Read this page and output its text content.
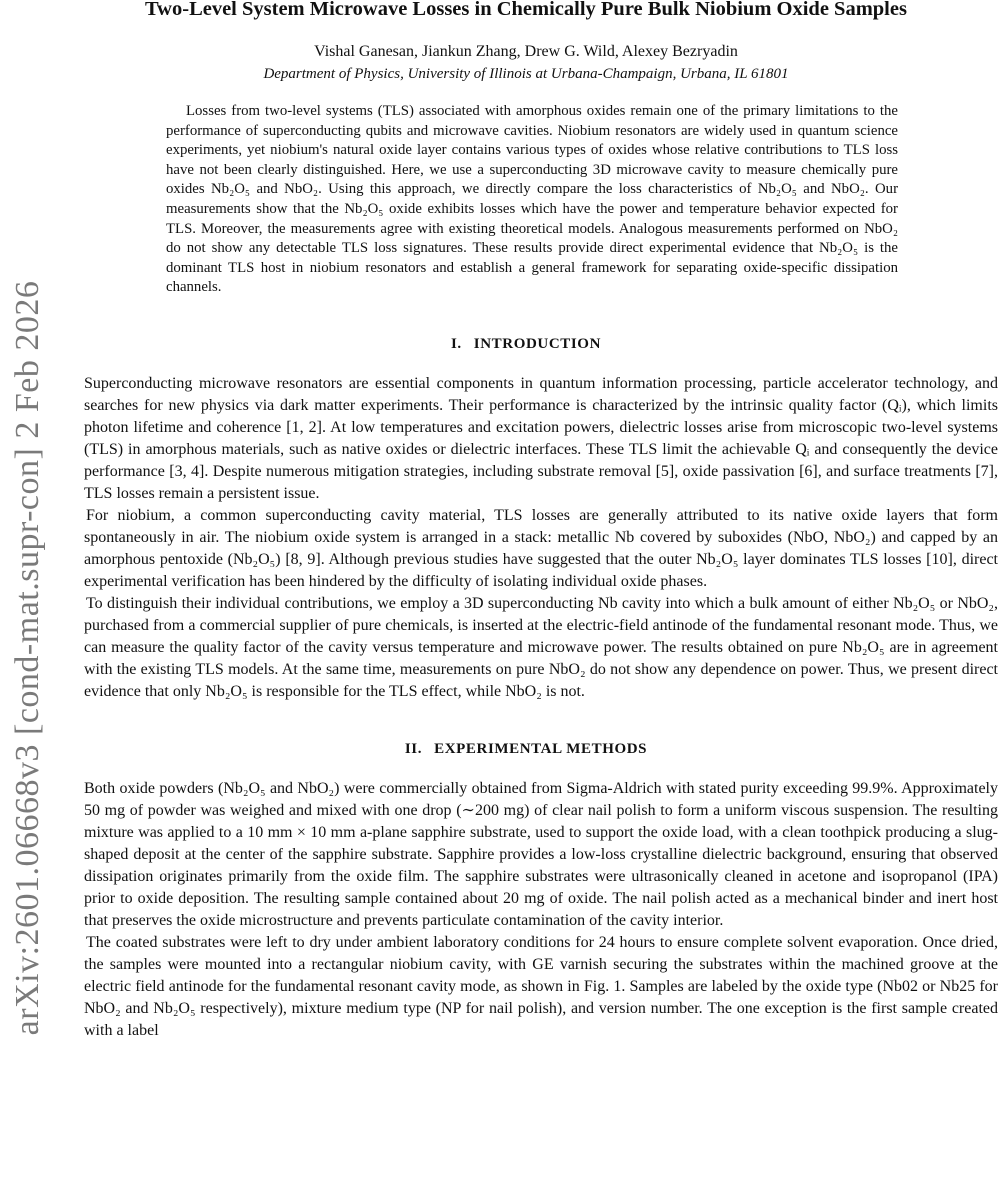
arXiv:2601.06668v3 [cond-mat.supr-con] 2 Feb 2026
Two-Level System Microwave Losses in Chemically Pure Bulk Niobium Oxide Samples
Vishal Ganesan, Jiankun Zhang, Drew G. Wild, Alexey Bezryadin
Department of Physics, University of Illinois at Urbana-Champaign, Urbana, IL 61801

Losses from two-level systems (TLS) associated with amorphous oxides remain one of the primary limitations to the performance of superconducting qubits and microwave cavities. Niobium resonators are widely used in quantum science experiments, yet niobium's natural oxide layer contains various types of oxides whose relative contributions to TLS loss have not been clearly distinguished. Here, we use a superconducting 3D microwave cavity to measure chemically pure oxides Nb₂O₅ and NbO₂. Using this approach, we directly compare the loss characteristics of Nb₂O₅ and NbO₂. Our measurements show that the Nb₂O₅ oxide exhibits losses which have the power and temperature behavior expected for TLS. Moreover, the measurements agree with existing theoretical models. Analogous measurements performed on NbO₂ do not show any detectable TLS loss signatures. These results provide direct experimental evidence that Nb₂O₅ is the dominant TLS host in niobium resonators and establish a general framework for separating oxide-specific dissipation channels.

I. INTRODUCTION

Superconducting microwave resonators are essential components in quantum information processing, particle accelerator technology, and searches for new physics via dark matter experiments. Their performance is characterized by the intrinsic quality factor (Qᵢ), which limits photon lifetime and coherence [1, 2]. At low temperatures and excitation powers, dielectric losses arise from microscopic two-level systems (TLS) in amorphous materials, such as native oxides or dielectric interfaces. These TLS limit the achievable Qᵢ and consequently the device performance [3, 4]. Despite numerous mitigation strategies, including substrate removal [5], oxide passivation [6], and surface treatments [7], TLS losses remain a persistent issue.

For niobium, a common superconducting cavity material, TLS losses are generally attributed to its native oxide layers that form spontaneously in air. The niobium oxide system is arranged in a stack: metallic Nb covered by suboxides (NbO, NbO₂) and capped by an amorphous pentoxide (Nb₂O₅) [8, 9]. Although previous studies have suggested that the outer Nb₂O₅ layer dominates TLS losses [10], direct experimental verification has been hindered by the difficulty of isolating individual oxide phases.

To distinguish their individual contributions, we employ a 3D superconducting Nb cavity into which a bulk amount of either Nb₂O₅ or NbO₂, purchased from a commercial supplier of pure chemicals, is inserted at the electric-field antinode of the fundamental resonant mode. Thus, we can measure the quality factor of the cavity versus temperature and microwave power. The results obtained on pure Nb₂O₅ are in agreement with the existing TLS models. At the same time, measurements on pure NbO₂ do not show any dependence on power. Thus, we present direct evidence that only Nb₂O₅ is responsible for the TLS effect, while NbO₂ is not.

II. EXPERIMENTAL METHODS

Both oxide powders (Nb₂O₅ and NbO₂) were commercially obtained from Sigma-Aldrich with stated purity exceeding 99.9%. Approximately 50 mg of powder was weighed and mixed with one drop (∼200 mg) of clear nail polish to form a uniform viscous suspension. The resulting mixture was applied to a 10 mm × 10 mm a-plane sapphire substrate, used to support the oxide load, with a clean toothpick producing a slug-shaped deposit at the center of the sapphire substrate. Sapphire provides a low-loss crystalline dielectric background, ensuring that observed dissipation originates primarily from the oxide film. The sapphire substrates were ultrasonically cleaned in acetone and isopropanol (IPA) prior to oxide deposition. The resulting sample contained about 20 mg of oxide. The nail polish acted as a mechanical binder and inert host that preserves the oxide microstructure and prevents particulate contamination of the cavity interior.

The coated substrates were left to dry under ambient laboratory conditions for 24 hours to ensure complete solvent evaporation. Once dried, the samples were mounted into a rectangular niobium cavity, with GE varnish securing the substrates within the machined groove at the electric field antinode for the fundamental resonant cavity mode, as shown in Fig. 1. Samples are labeled by the oxide type (Nb02 or Nb25 for NbO₂ and Nb₂O₅ respectively), mixture medium type (NP for nail polish), and version number. The one exception is the first sample created with a label
